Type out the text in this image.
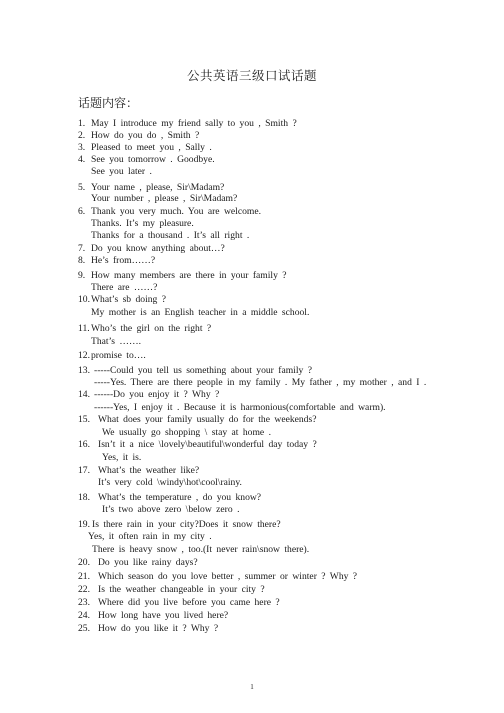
公共英语三级口试话题
话题内容：
1. May I introduce my friend sally to you , Smith ?
2. How do you do , Smith ?
3. Pleased to meet you , Sally .
4. See you tomorrow . Goodbye.
See you later .
5. Your name , please, Sir\Madam?
Your number , please , Sir\Madam?
6. Thank you very much. You are welcome.
Thanks. It’s my pleasure.
Thanks for a thousand . It’s all right .
7. Do you know anything about…?
8. He’s from……?
9. How many members are there in your family ?
There are ……?
10. What’s sb doing ?
My mother is an English teacher in a middle school.
11. Who’s the girl on the right ?
That’s …….
12. promise to….
13. -----Could you tell us something about your family ?
-----Yes. There are there people in my family . My father , my mother , and I .
14. ------Do you enjoy it ? Why ?
------Yes, I enjoy it . Because it is harmonious(comfortable and warm).
15. What does your family usually do for the weekends?
We usually go shopping \ stay at home .
16. Isn’t it a nice \lovely\beautiful\wonderful day today ?
Yes, it is.
17. What’s the weather like?
It’s very cold \windy\hot\cool\rainy.
18. What’s the temperature , do you know?
It’s two above zero \below zero .
19. Is there rain in your city?Does it snow there?
Yes, it often rain in my city .
There is heavy snow , too.(It never rain\snow there).
20. Do you like rainy days?
21. Which season do you love better , summer or winter ? Why ?
22. Is the weather changeable in your city ?
23. Where did you live before you came here ?
24. How long have you lived here?
25. How do you like it ? Why ?
1
